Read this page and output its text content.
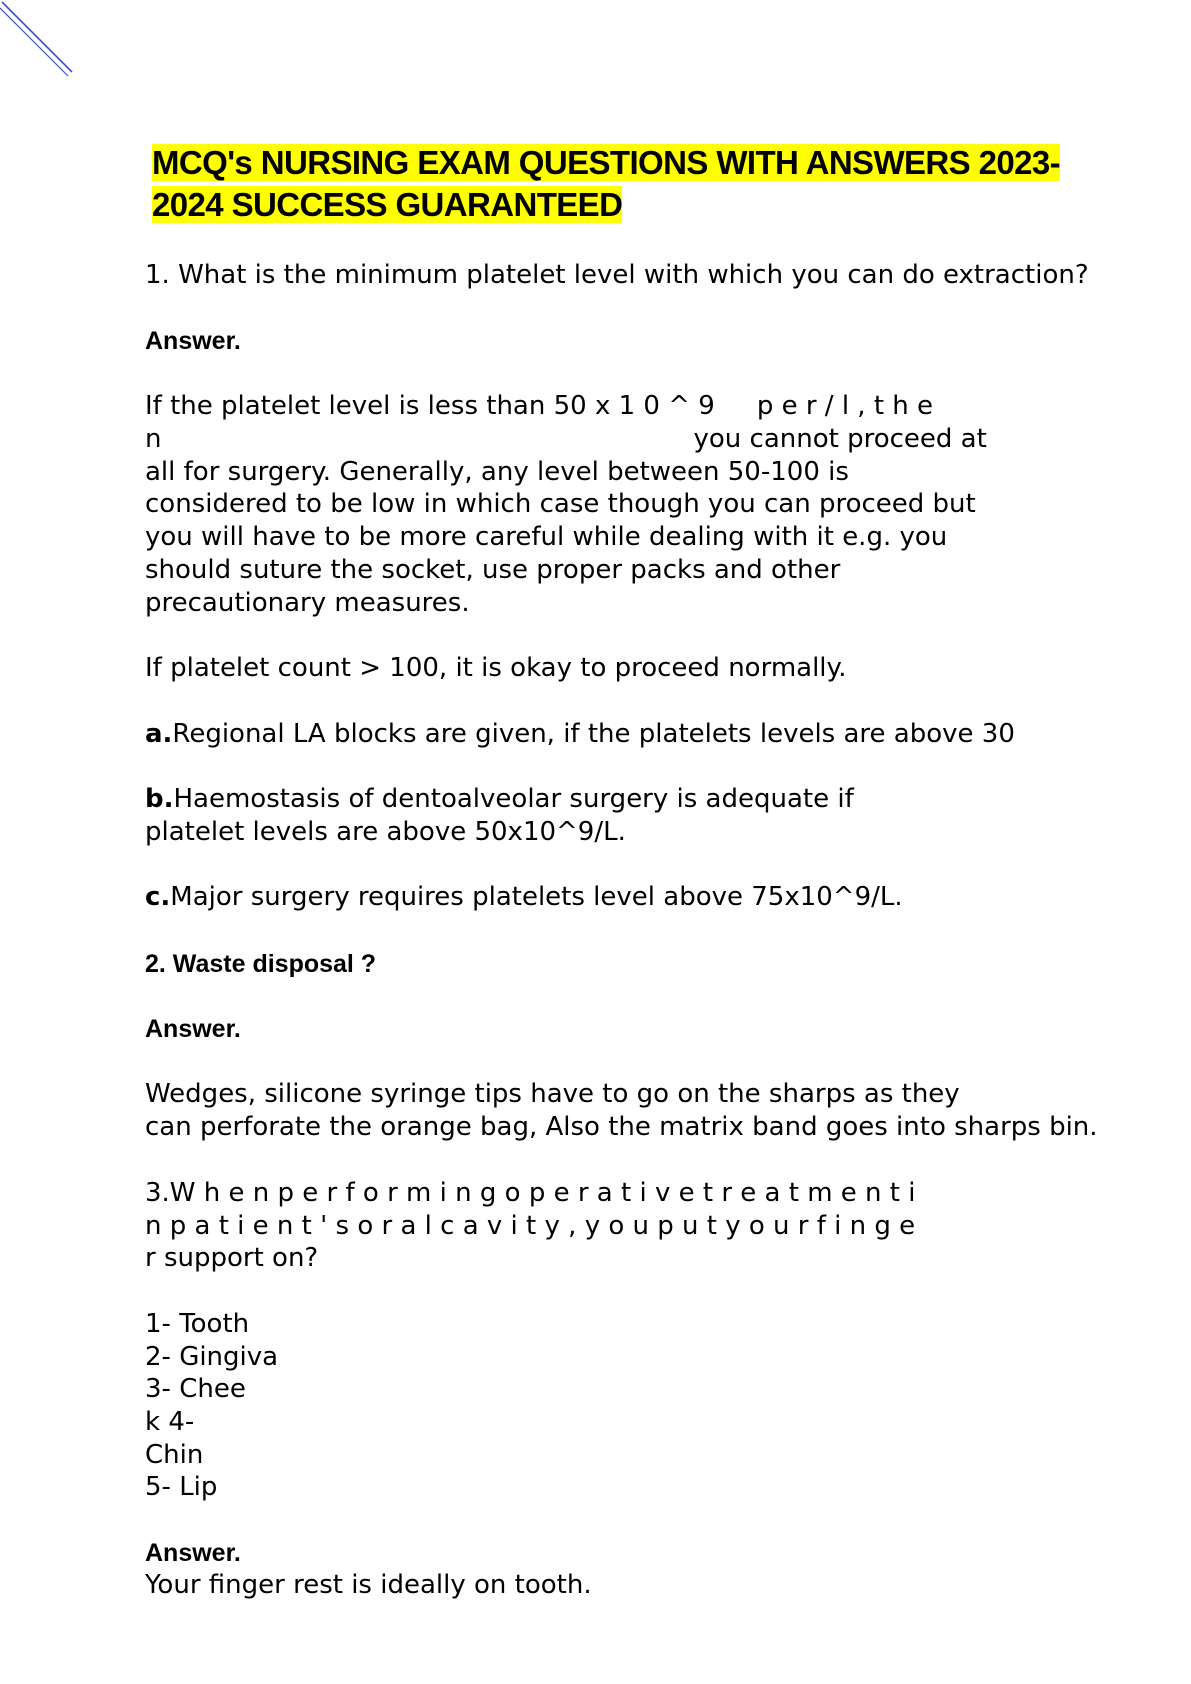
MCQ's NURSING EXAM QUESTIONS WITH ANSWERS 2023-
2024 SUCCESS GUARANTEED

1. What is the minimum platelet level with which you can do extraction?

Answer.

If the platelet level is less than 50 x 1 0 ^ 9 p e r / l , t h e

n	you cannot proceed at

all for surgery. Generally, any level between 50-100 is

considered to be low in which case though you can proceed but

you will have to be more careful while dealing with it e.g. you

should suture the socket, use proper packs and other

precautionary measures.

If platelet count > 100, it is okay to proceed normally.

a.Regional LA blocks are given, if the platelets levels are above 30

b.Haemostasis of dentoalveolar surgery is adequate if

platelet levels are above 50x10^9/L.

c.Major surgery requires platelets level above 75x10^9/L.

2. Waste disposal ?

Answer.

Wedges, silicone syringe tips have to go on the sharps as they

can perforate the orange bag, Also the matrix band goes into sharps bin.

3.W h e n p e r f o r m i n g o p e r a t i v e t r e a t m e n t i

n p a t i e n t ' s o r a l c a v i t y , y o u p u t y o u r f i n g e

r support on?

1- Tooth

2- Gingiva

3- Chee

k 4-

Chin

5- Lip

Answer.

Your finger rest is ideally on tooth.
